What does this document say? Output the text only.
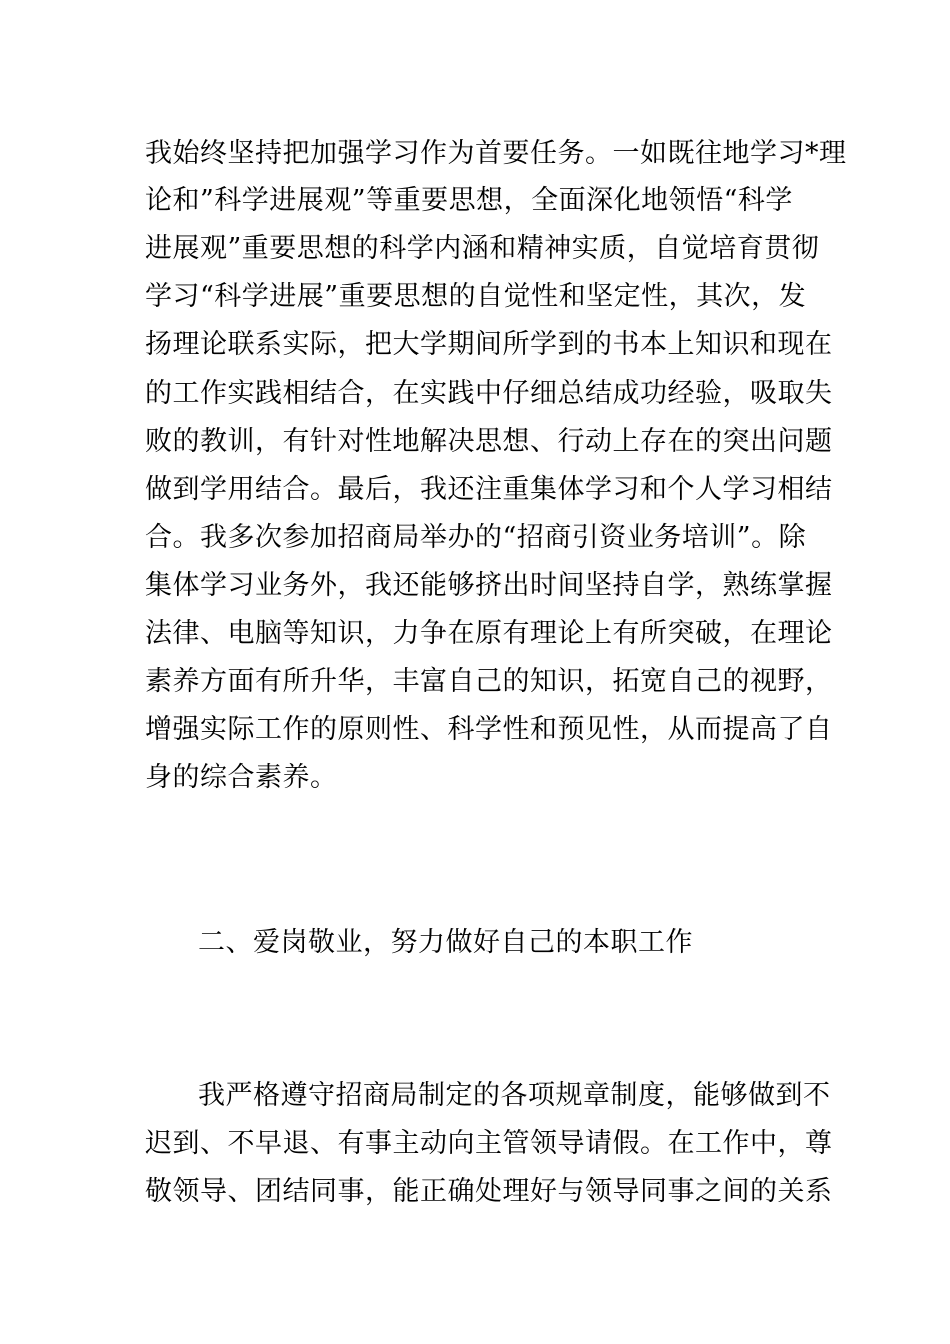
我始终坚持把加强学习作为首要任务。一如既往地学习*理
论和”科学进展观”等重要思想，全面深化地领悟“科学
进展观”重要思想的科学内涵和精神实质，自觉培育贯彻
学习“科学进展”重要思想的自觉性和坚定性，其次，发
扬理论联系实际，把大学期间所学到的书本上知识和现在
的工作实践相结合，在实践中仔细总结成功经验，吸取失
败的教训，有针对性地解决思想、行动上存在的突出问题
做到学用结合。最后，我还注重集体学习和个人学习相结
合。我多次参加招商局举办的“招商引资业务培训”。除
集体学习业务外，我还能够挤出时间坚持自学，熟练掌握
法律、电脑等知识，力争在原有理论上有所突破，在理论
素养方面有所升华，丰富自己的知识，拓宽自己的视野，
增强实际工作的原则性、科学性和预见性，从而提高了自
身的综合素养。
二、爱岗敬业，努力做好自己的本职工作
我严格遵守招商局制定的各项规章制度，能够做到不
迟到、不早退、有事主动向主管领导请假。在工作中，尊
敬领导、团结同事，能正确处理好与领导同事之间的关系
